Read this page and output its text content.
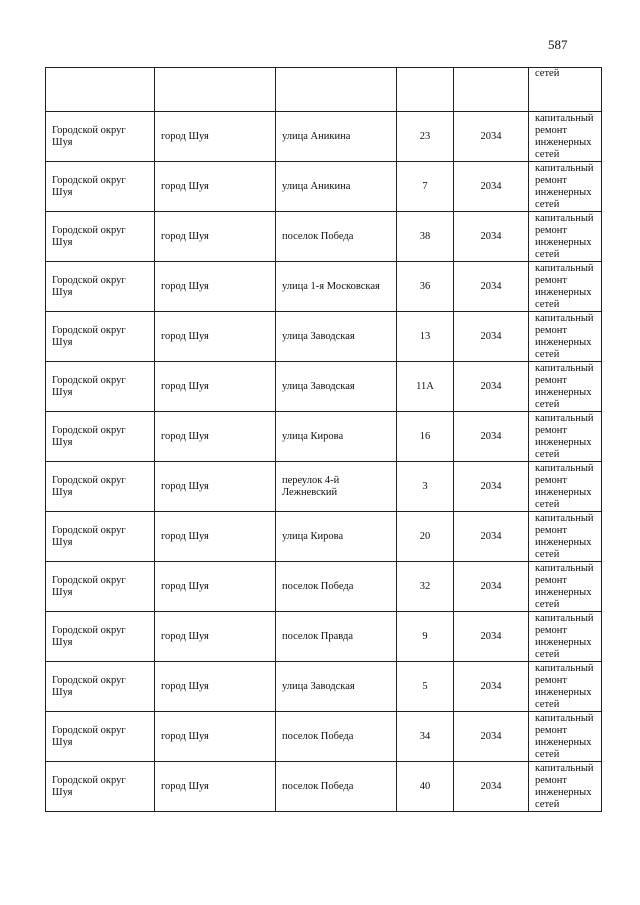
587
					сетей
Городской округ Шуя	город Шуя	улица Аникина	23	2034	капитальный ремонт инженерных сетей
Городской округ Шуя	город Шуя	улица Аникина	7	2034	капитальный ремонт инженерных сетей
Городской округ Шуя	город Шуя	поселок Победа	38	2034	капитальный ремонт инженерных сетей
Городской округ Шуя	город Шуя	улица 1-я Московская	36	2034	капитальный ремонт инженерных сетей
Городской округ Шуя	город Шуя	улица Заводская	13	2034	капитальный ремонт инженерных сетей
Городской округ Шуя	город Шуя	улица Заводская	11А	2034	капитальный ремонт инженерных сетей
Городской округ Шуя	город Шуя	улица Кирова	16	2034	капитальный ремонт инженерных сетей
Городской округ Шуя	город Шуя	переулок 4-й Лежневский	3	2034	капитальный ремонт инженерных сетей
Городской округ Шуя	город Шуя	улица Кирова	20	2034	капитальный ремонт инженерных сетей
Городской округ Шуя	город Шуя	поселок Победа	32	2034	капитальный ремонт инженерных сетей
Городской округ Шуя	город Шуя	поселок Правда	9	2034	капитальный ремонт инженерных сетей
Городской округ Шуя	город Шуя	улица Заводская	5	2034	капитальный ремонт инженерных сетей
Городской округ Шуя	город Шуя	поселок Победа	34	2034	капитальный ремонт инженерных сетей
Городской округ Шуя	город Шуя	поселок Победа	40	2034	капитальный ремонт инженерных сетей
